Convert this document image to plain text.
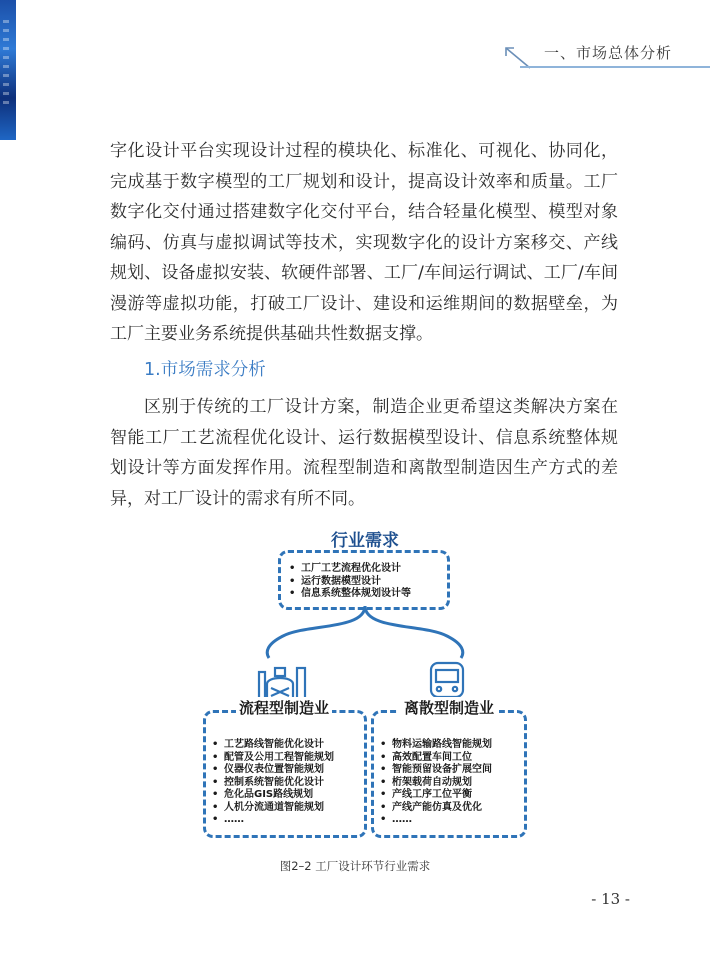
一、市场总体分析

字化设计平台实现设计过程的模块化、标准化、可视化、协同化，完成基于数字模型的工厂规划和设计，提高设计效率和质量。工厂数字化交付通过搭建数字化交付平台，结合轻量化模型、模型对象编码、仿真与虚拟调试等技术，实现数字化的设计方案移交、产线规划、设备虚拟安装、软硬件部署、工厂/车间运行调试、工厂/车间漫游等虚拟功能，打破工厂设计、建设和运维期间的数据壁垒，为工厂主要业务系统提供基础共性数据支撑。

1.市场需求分析

区别于传统的工厂设计方案，制造企业更希望这类解决方案在智能工厂工艺流程优化设计、运行数据模型设计、信息系统整体规划设计等方面发挥作用。流程型制造和离散型制造因生产方式的差异，对工厂设计的需求有所不同。

行业需求
• 工厂工艺流程优化设计
• 运行数据模型设计
• 信息系统整体规划设计等
流程型制造业
• 工艺路线智能优化设计
• 配管及公用工程智能规划
• 仪器仪表位置智能规划
• 控制系统智能优化设计
• 危化品GIS路线规划
• 人机分流通道智能规划
• ……
离散型制造业
• 物料运输路线智能规划
• 高效配置车间工位
• 智能预留设备扩展空间
• 桁架载荷自动规划
• 产线工序工位平衡
• 产线产能仿真及优化
• ……
图2–2 工厂设计环节行业需求
- 13 -
